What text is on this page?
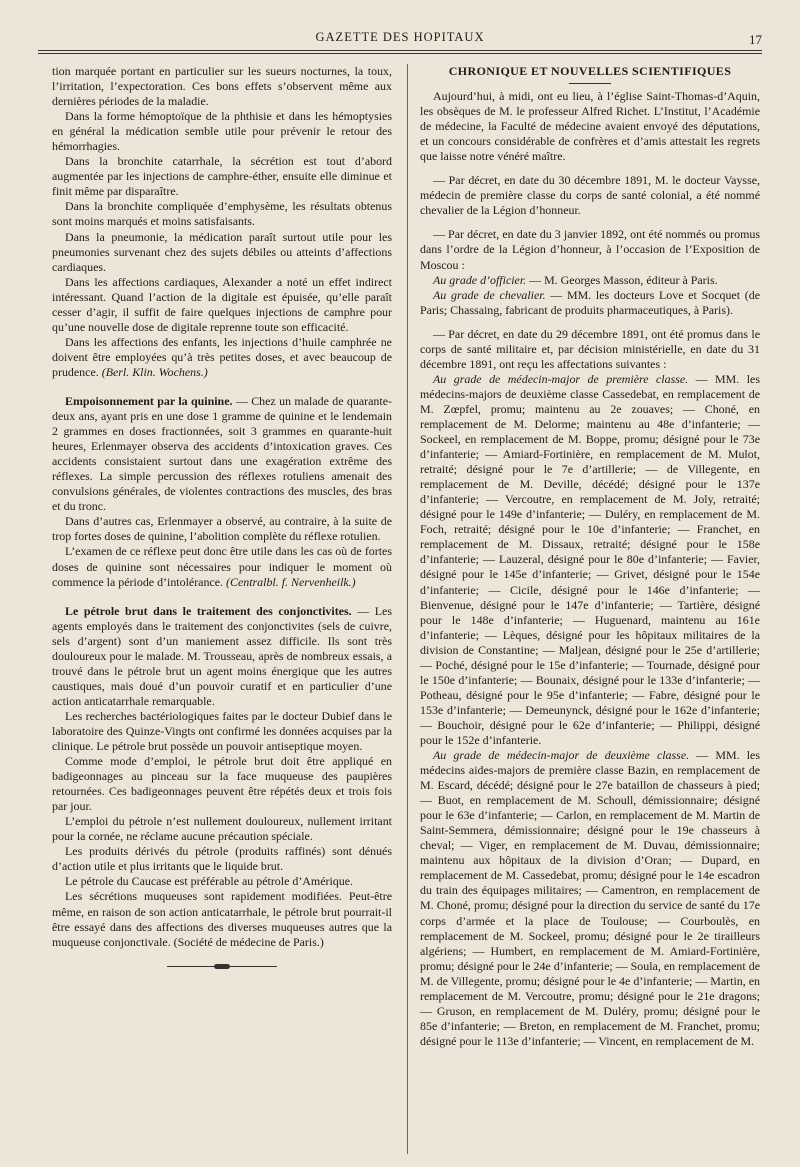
GAZETTE DES HOPITAUX	17

tion marquée portant en particulier sur les sueurs nocturnes, la toux, l’irritation, l’expectoration. Ces bons effets s’observent même aux dernières périodes de la maladie.

Dans la forme hémoptoïque de la phthisie et dans les hémoptysies en général la médication semble utile pour prévenir le retour des hémorrhagies.

Dans la bronchite catarrhale, la sécrétion est tout d’abord augmentée par les injections de camphre-éther, ensuite elle diminue et finit même par disparaître.

Dans la bronchite compliquée d’emphysème, les résultats obtenus sont moins marqués et moins satisfaisants.

Dans la pneumonie, la médication paraît surtout utile pour les pneumonies survenant chez des sujets débiles ou atteints d’affections cardiaques.

Dans les affections cardiaques, Alexander a noté un effet indirect intéressant. Quand l’action de la digitale est épuisée, qu’elle paraît cesser d’agir, il suffit de faire quelques injections de camphre pour qu’une nouvelle dose de digitale reprenne toute son efficacité.

Dans les affections des enfants, les injections d’huile camphrée ne doivent être employées qu’à très petites doses, et avec beaucoup de prudence. (Berl. Klin. Wochens.)

Empoisonnement par la quinine. — Chez un malade de quarante-deux ans, ayant pris en une dose 1 gramme de quinine et le lendemain 2 grammes en doses fractionnées, soit 3 grammes en quarante-huit heures, Erlenmayer observa des accidents d’intoxication graves. Ces accidents consistaient surtout dans une exagération extrême des réflexes. La simple percussion des réflexes rotuliens amenait des convulsions générales, de violentes contractions des muscles, des bras et du tronc.

Dans d’autres cas, Erlenmayer a observé, au contraire, à la suite de trop fortes doses de quinine, l’abolition complète du réflexe rotulien.

L’examen de ce réflexe peut donc être utile dans les cas où de fortes doses de quinine sont nécessaires pour indiquer le moment où commence la période d’intolérance. (Centralbl. f. Nervenheilk.)

Le pétrole brut dans le traitement des conjonctivites. — Les agents employés dans le traitement des conjonctivites (sels de cuivre, sels d’argent) sont d’un maniement assez difficile. Ils sont très douloureux pour le malade. M. Trousseau, après de nombreux essais, a trouvé dans le pétrole brut un agent moins énergique que les autres caustiques, mais doué d’un pouvoir curatif et en particulier d’une action anticatarrhale remarquable.

Les recherches bactériologiques faites par le docteur Dubief dans le laboratoire des Quinze-Vingts ont confirmé les données acquises par la clinique. Le pétrole brut possède un pouvoir antiseptique moyen.

Comme mode d’emploi, le pétrole brut doit être appliqué en badigeonnages au pinceau sur la face muqueuse des paupières retournées. Ces badigeonnages peuvent être répétés deux et trois fois par jour.

L’emploi du pétrole n’est nullement douloureux, nullement irritant pour la cornée, ne réclame aucune précaution spéciale.

Les produits dérivés du pétrole (produits raffinés) sont dénués d’action utile et plus irritants que le liquide brut.

Le pétrole du Caucase est préférable au pétrole d’Amérique.

Les sécrétions muqueuses sont rapidement modifiées. Peut-être même, en raison de son action anticatarrhale, le pétrole brut pourrait-il être essayé dans des affections des diverses muqueuses autres que la muqueuse conjonctivale. (Société de médecine de Paris.)

CHRONIQUE ET NOUVELLES SCIENTIFIQUES

Aujourd’hui, à midi, ont eu lieu, à l’église Saint-Thomas-d’Aquin, les obsèques de M. le professeur Alfred Richet. L’Institut, l’Académie de médecine, la Faculté de médecine avaient envoyé des députations, et un concours considérable de confrères et d’amis attestait les regrets que laisse notre vénéré maître.

— Par décret, en date du 30 décembre 1891, M. le docteur Vaysse, médecin de première classe du corps de santé colonial, a été nommé chevalier de la Légion d’honneur.

— Par décret, en date du 3 janvier 1892, ont été nommés ou promus dans l’ordre de la Légion d’honneur, à l’occasion de l’Exposition de Moscou :

Au grade d’officier. — M. Georges Masson, éditeur à Paris.

Au grade de chevalier. — MM. les docteurs Love et Socquet (de Paris; Chassaing, fabricant de produits pharmaceutiques, à Paris).

— Par décret, en date du 29 décembre 1891, ont été promus dans le corps de santé militaire et, par décision ministérielle, en date du 31 décembre 1891, ont reçu les affectations suivantes :

Au grade de médecin-major de première classe. — MM. les médecins-majors de deuxième classe Cassedebat, en remplacement de M. Zœpfel, promu; maintenu au 2e zouaves; — Choné, en remplacement de M. Delorme; maintenu au 48e d’infanterie; — Sockeel, en remplacement de M. Boppe, promu; désigné pour le 73e d’infanterie; — Amiard-Fortinière, en remplacement de M. Mulot, retraité; désigné pour le 7e d’artillerie; — de Villegente, en remplacement de M. Deville, décédé; désigné pour le 137e d’infanterie; — Vercoutre, en remplacement de M. Joly, retraité; désigné pour le 149e d’infanterie; — Duléry, en remplacement de M. Foch, retraité; désigné pour le 10e d’infanterie; — Franchet, en remplacement de M. Dissaux, retraité; désigné pour le 158e d’infanterie; — Lauzeral, désigné pour le 80e d’infanterie; — Favier, désigné pour le 145e d’infanterie; — Grivet, désigné pour le 154e d’infanterie; — Cicile, désigné pour le 146e d’infanterie; — Bienvenue, désigné pour le 147e d’infanterie; — Tartière, désigné pour le 148e d’infanterie; — Huguenard, maintenu au 161e d’infanterie; — Lèques, désigné pour les hôpitaux militaires de la division de Constantine; — Maljean, désigné pour le 25e d’artillerie; — Poché, désigné pour le 15e d’infanterie; — Tournade, désigné pour le 150e d’infanterie; — Bounaix, désigné pour le 133e d’infanterie; — Potheau, désigné pour le 95e d’infanterie; — Fabre, désigné pour le 153e d’infanterie; — Demeunynck, désigné pour le 162e d’infanterie; — Bouchoir, désigné pour le 62e d’infanterie; — Philippi, désigné pour le 152e d’infanterie.

Au grade de médecin-major de deuxième classe. — MM. les médecins aides-majors de première classe Bazin, en remplacement de M. Escard, décédé; désigné pour le 27e bataillon de chasseurs à pied; — Buot, en remplacement de M. Schoull, démissionnaire; désigné pour le 63e d’infanterie; — Carlon, en remplacement de M. Martin de Saint-Semmera, démissionnaire; désigné pour le 19e chasseurs à cheval; — Viger, en remplacement de M. Duvau, démissionnaire; maintenu aux hôpitaux de la division d’Oran; — Dupard, en remplacement de M. Cassedebat, promu; désigné pour le 14e escadron du train des équipages militaires; — Camentron, en remplacement de M. Choné, promu; désigné pour la direction du service de santé du 17e corps d’armée et la place de Toulouse; — Courboulès, en remplacement de M. Sockeel, promu; désigné pour le 2e tirailleurs algériens; — Humbert, en remplacement de M. Amiard-Fortinière, promu; désigné pour le 24e d’infanterie; — Soula, en remplacement de M. de Villegente, promu; désigné pour le 4e d’infanterie; — Martin, en remplacement de M. Vercoutre, promu; désigné pour le 21e dragons; — Gruson, en remplacement de M. Duléry, promu; désigné pour le 85e d’infanterie; — Breton, en remplacement de M. Franchet, promu; désigné pour le 113e d’infanterie; — Vincent, en remplacement de M.
